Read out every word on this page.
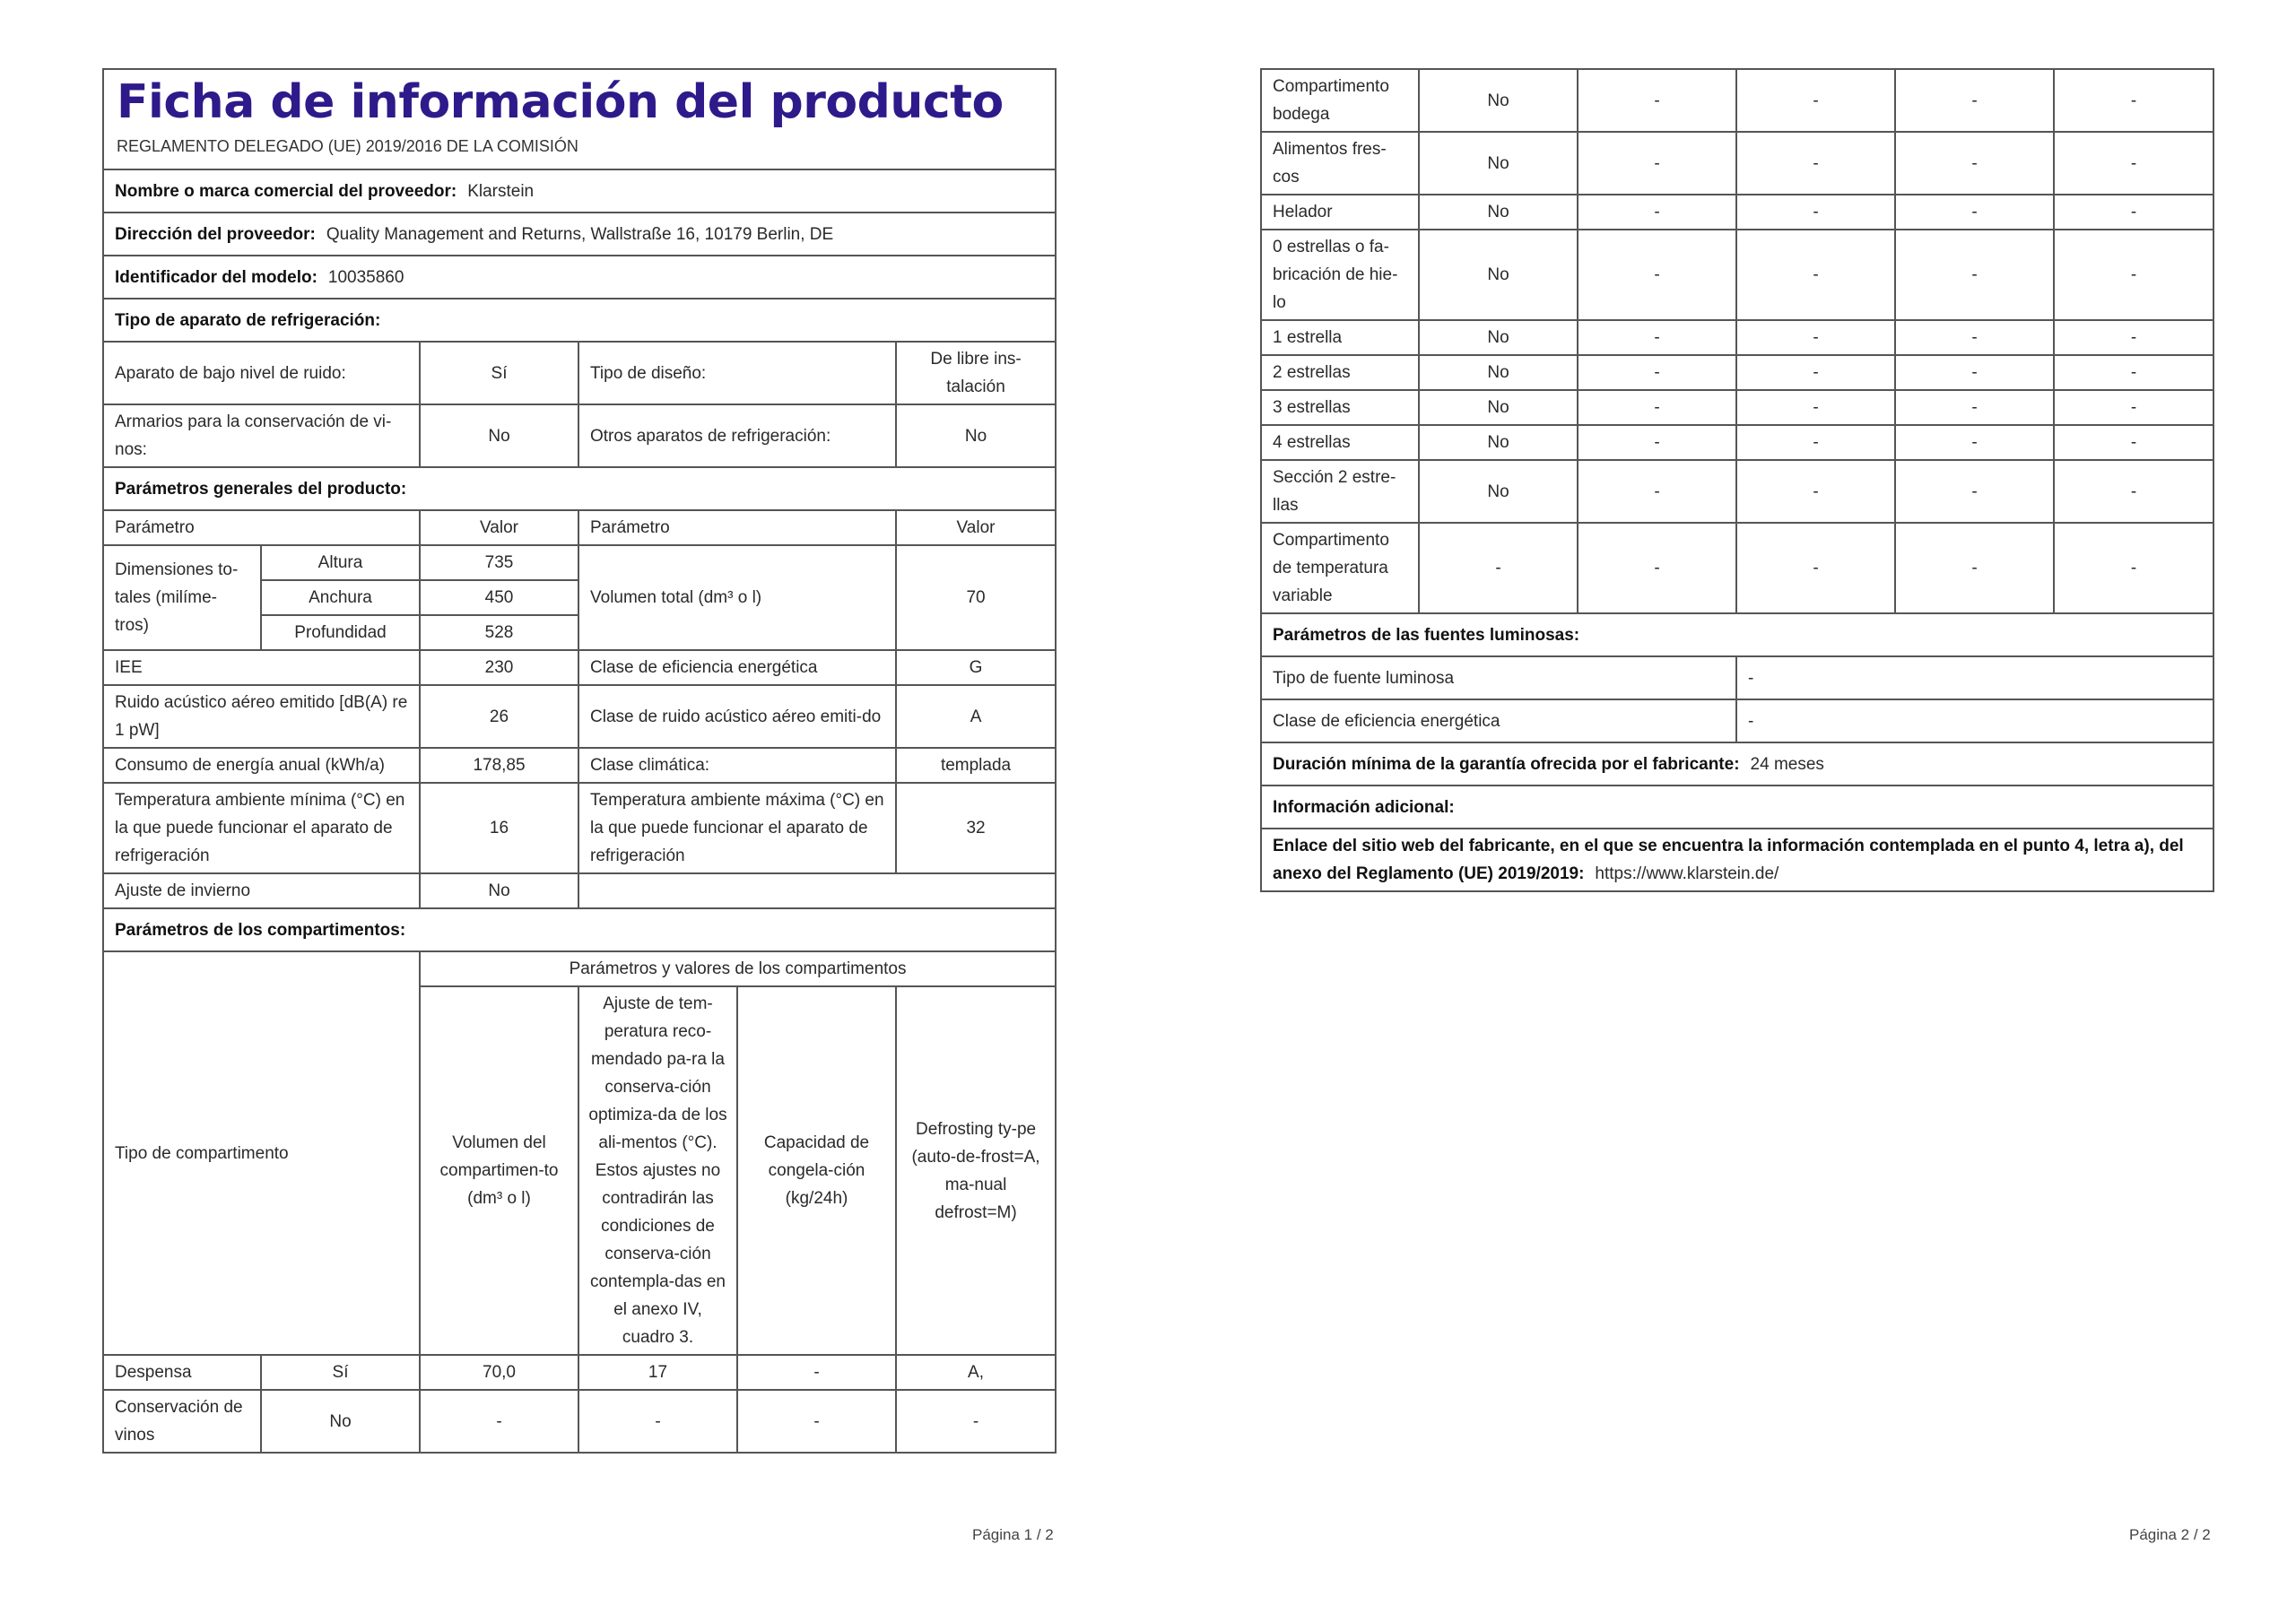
Ficha de información del producto
REGLAMENTO DELEGADO (UE) 2019/2016 DE LA COMISIÓN					

Nombre o marca comercial del proveedor: Klarstein					
Dirección del proveedor: Quality Management and Returns, Wallstraße 16, 10179 Berlin, DE					
Identificador del modelo: 10035860					
Tipo de aparato de refrigeración:					
Aparato de bajo nivel de ruido:		Sí	Tipo de diseño:		De libre ins-talación
Armarios para la conservación de vi-nos:		No	Otros aparatos de refrigeración:		No
Parámetros generales del producto:					
Parámetro		Valor	Parámetro		Valor
Dimensiones to-tales (milíme-tros)	Altura	735	Volumen total (dm³ o l)		70
	Anchura	450			
	Profundidad	528			
IEE		230	Clase de eficiencia energética		G
Ruido acústico aéreo emitido [dB(A) re 1 pW]		26	Clase de ruido acústico aéreo emiti-do		A
Consumo de energía anual (kWh/a)		178,85	Clase climática:		templada
Temperatura ambiente mínima (°C) en la que puede funcionar el aparato de refrigeración		16	Temperatura ambiente máxima (°C) en la que puede funcionar el aparato de refrigeración		32
Ajuste de invierno		No			
Parámetros de los compartimentos:					
Tipo de compartimento		Parámetros y valores de los compartimentos			
		Volumen del compartimen-to (dm³ o l)	Ajuste de tem-peratura reco-mendado pa-ra la conserva-ción optimiza-da de los ali-mentos (°C). Estos ajustes no contradirán las condiciones de conserva-ción contempla-das en el anexo IV, cuadro 3.	Capacidad de congela-ción (kg/24h)	Defrosting ty-pe (auto-de-frost=A, ma-nual defrost=M)
Despensa	Sí	70,0	17	-	A,
Conservación de vinos	No	-	-	-	-
Página 1 / 2
Compartimento bodega	No	-	-	-	-
Alimentos fres-cos	No	-	-	-	-
Helador	No	-	-	-	-
0 estrellas o fa-bricación de hie-lo	No	-	-	-	-
1 estrella	No	-	-	-	-
2 estrellas	No	-	-	-	-
3 estrellas	No	-	-	-	-
4 estrellas	No	-	-	-	-
Sección 2 estre-llas	No	-	-	-	-
Compartimento de temperatura variable	-	-	-	-	-
Parámetros de las fuentes luminosas:					
Tipo de fuente luminosa			-		
Clase de eficiencia energética			-		
Duración mínima de la garantía ofrecida por el fabricante: 24 meses					
Información adicional:					
Enlace del sitio web del fabricante, en el que se encuentra la información contemplada en el punto 4, letra a), del anexo del Reglamento (UE) 2019/2019: https://www.klarstein.de/					
Página 2 / 2
